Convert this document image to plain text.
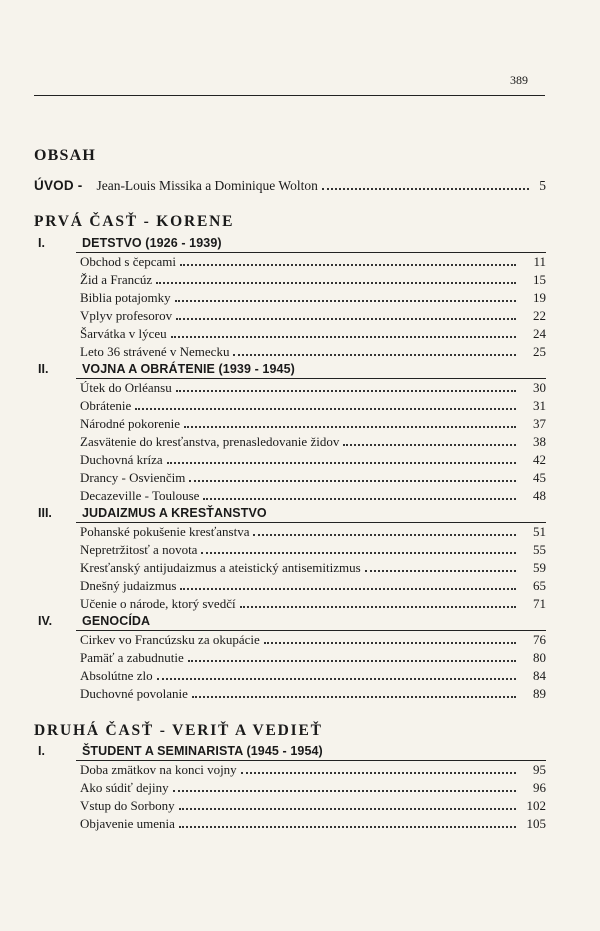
389
OBSAH
ÚVOD - Jean-Louis Missika a Dominique Wolton	5
PRVÁ ČASŤ - KORENE
I.	DETSTVO (1926 - 1939)
Obchod s čepcami	11
Žid a Francúz	15
Biblia potajomky	19
Vplyv profesorov	22
Šarvátka v lýceu	24
Leto 36 strávené v Nemecku	25
II.	VOJNA A OBRÁTENIE (1939 - 1945)
Útek do Orléansu	30
Obrátenie	31
Národné pokorenie	37
Zasvätenie do kresťanstva, prenasledovanie židov	38
Duchovná kríza	42
Drancy - Osvienčim	45
Decazeville - Toulouse	48
III.	JUDAIZMUS A KRESŤANSTVO
Pohanské pokušenie kresťanstva	51
Nepretržitosť a novota	55
Kresťanský antijudaizmus a ateistický antisemitizmus	59
Dnešný judaizmus	65
Učenie o národe, ktorý svedčí	71
IV.	GENOCÍDA
Cirkev vo Francúzsku za okupácie	76
Pamäť a zabudnutie	80
Absolútne zlo	84
Duchovné povolanie	89
DRUHÁ ČASŤ - VERIŤ A VEDIEŤ
I.	ŠTUDENT A SEMINARISTA (1945 - 1954)
Doba zmätkov na konci vojny	95
Ako súdiť dejiny	96
Vstup do Sorbony	102
Objavenie umenia	105
